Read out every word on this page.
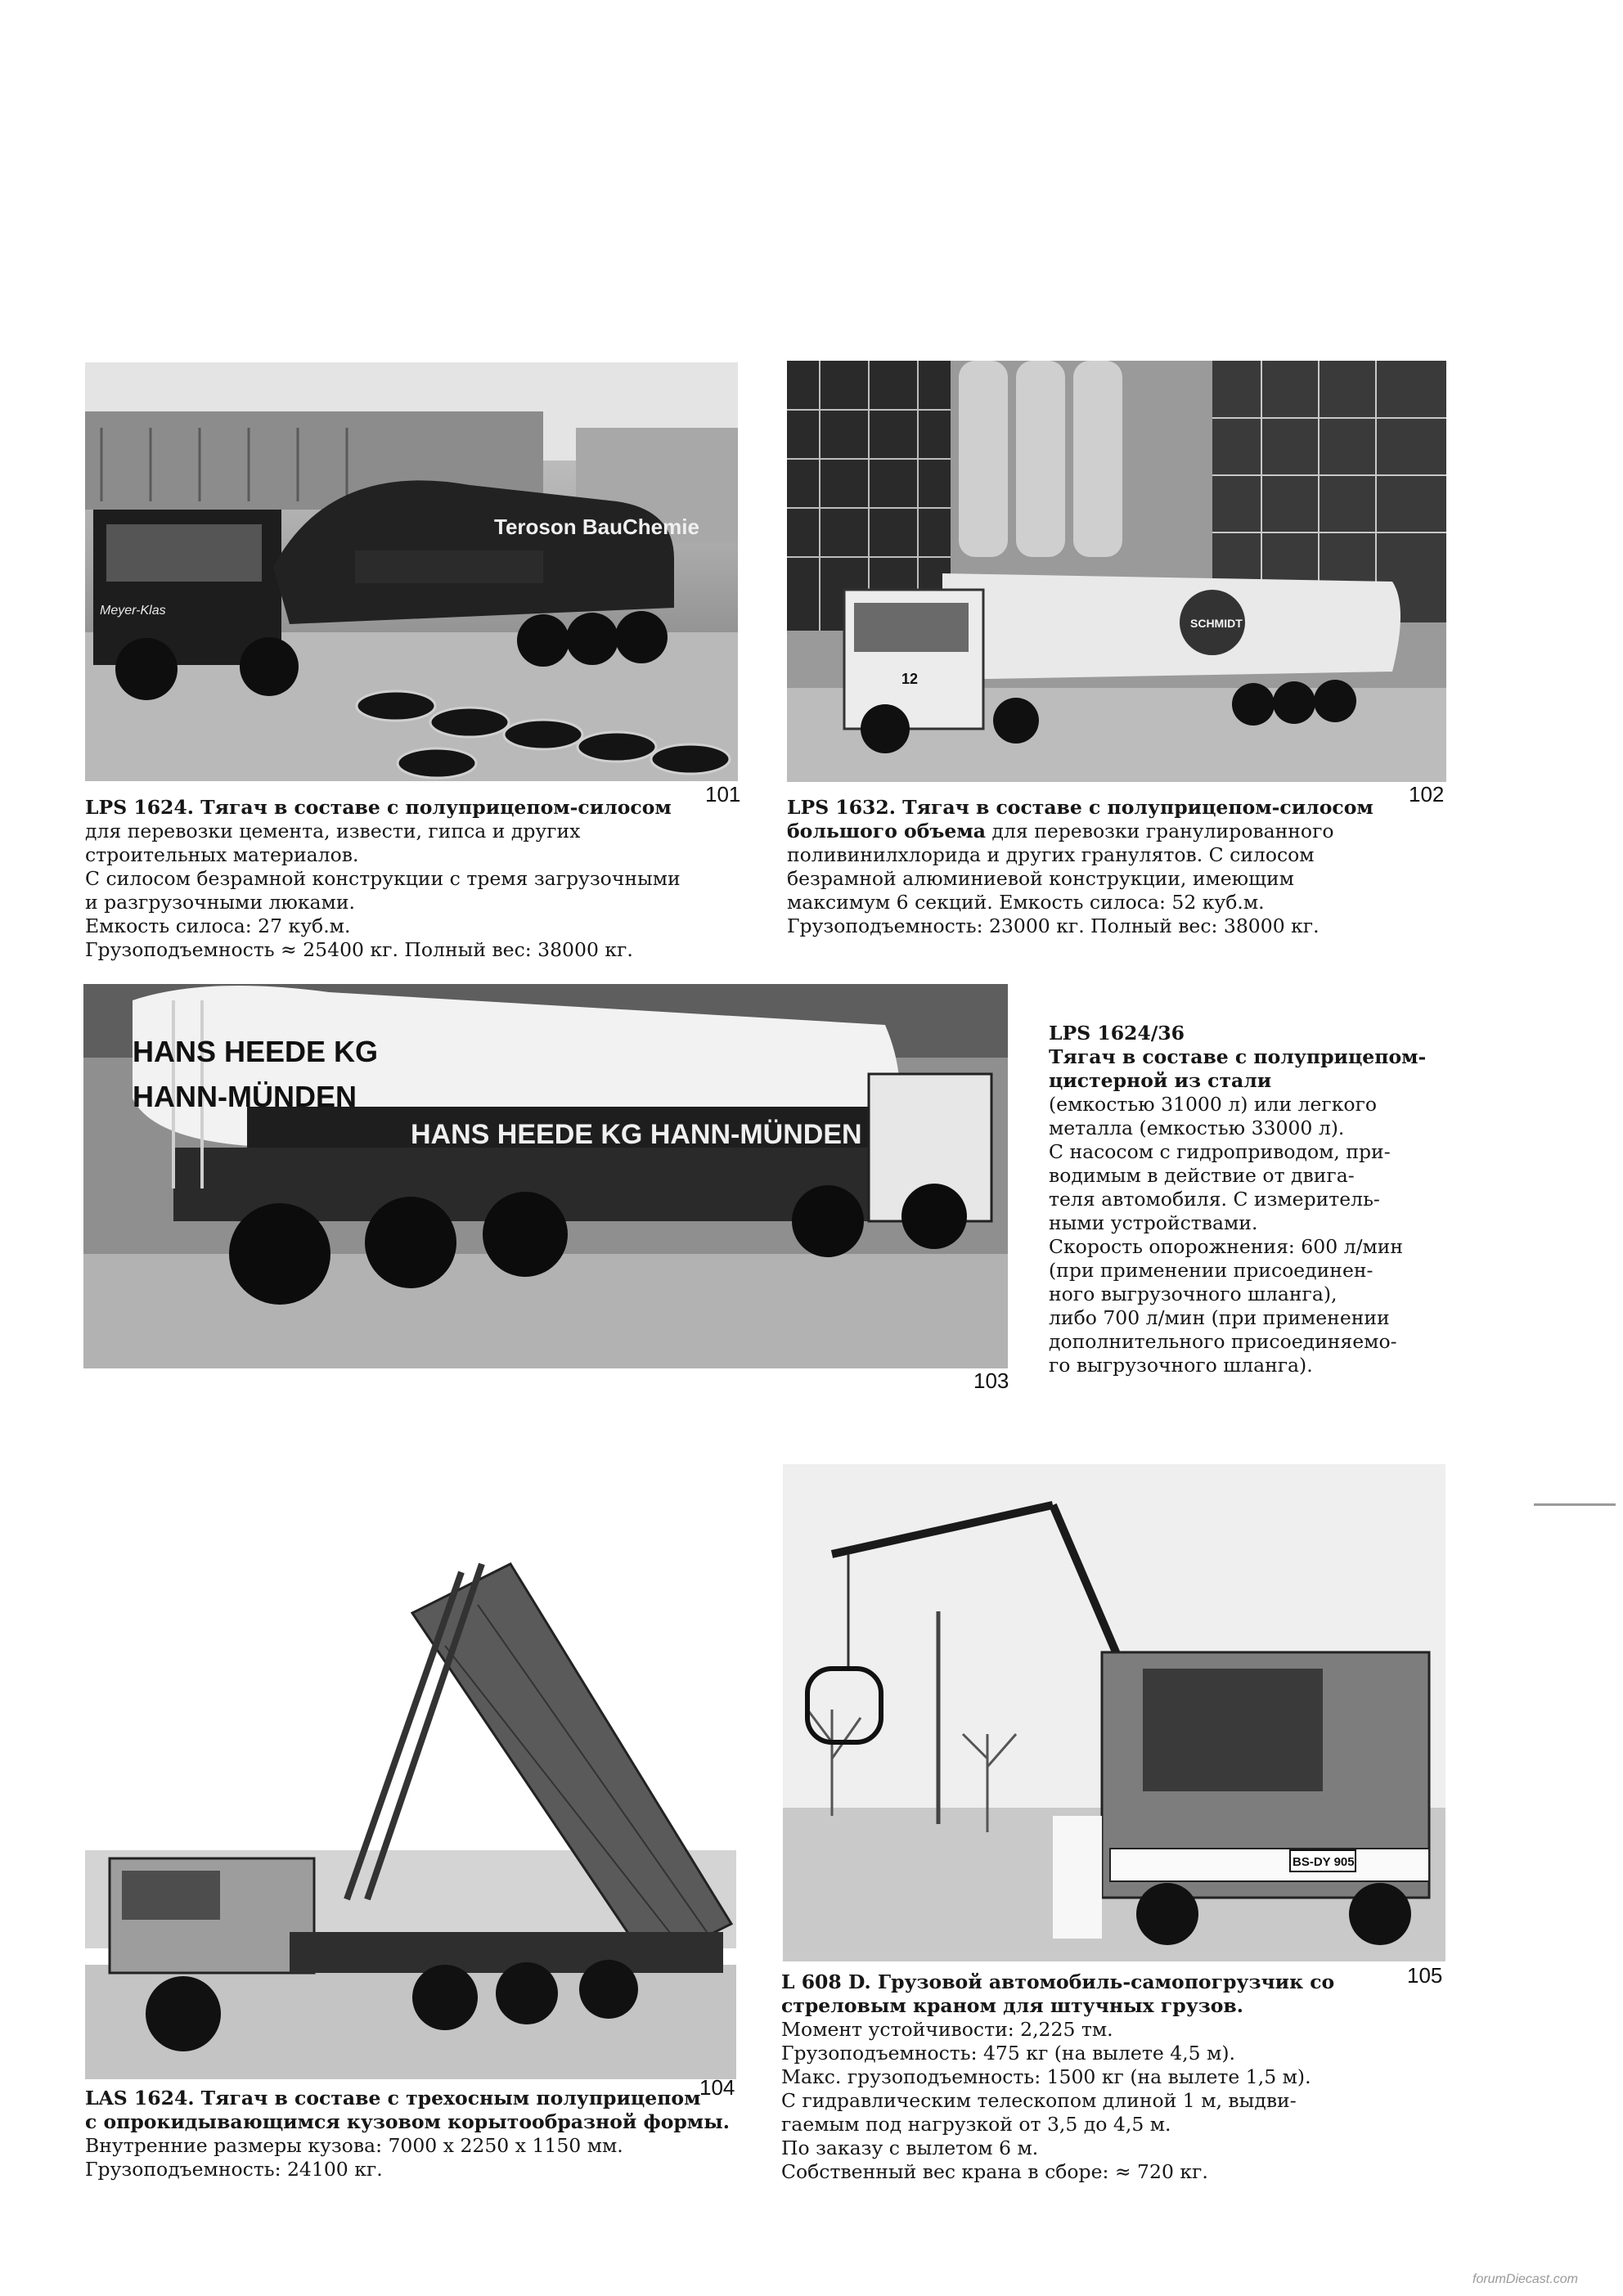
Teroson BauChemie
Meyer-Klas
101

LPS 1624. Тягач в составе с полуприцепом-силосом

для перевозки цемента, извести, гипса и других

строительных материалов.

С силосом безрамной конструкции с тремя загрузочными

и разгрузочными люками.

Емкость силоса: 27 куб.м.

Грузоподъемность ≈ 25400 кг. Полный вес: 38000 кг.

SCHMIDT
12
102

LPS 1632. Тягач в составе с полуприцепом-силосом

большого объема для перевозки гранулированного

поливинилхлорида и других гранулятов. С силосом

безрамной алюминиевой конструкции, имеющим

максимум 6 секций. Емкость силоса: 52 куб.м.

Грузоподъемность: 23000 кг. Полный вес: 38000 кг.

HANS HEEDE KG
HANN-MÜNDEN
HANS HEEDE KG HANN-MÜNDEN
103

LPS 1624/36

Тягач в составе с полуприцепом-

цистерной из стали

(емкостью 31000 л) или легкого

металла (емкостью 33000 л).

С насосом с гидроприводом, при-

водимым в действие от двига-

теля автомобиля. С измеритель-

ными устройствами.

Скорость опорожнения: 600 л/мин

(при применении присоединен-

ного выгрузочного шланга),

либо 700 л/мин (при применении

дополнительного присоединяемо-

го выгрузочного шланга).

104

LAS 1624. Тягач в составе с трехосным полуприцепом

с опрокидывающимся кузовом корытообразной формы.

Внутренние размеры кузова: 7000 x 2250 x 1150 мм.

Грузоподъемность: 24100 кг.

BS-DY 905
105

L 608 D. Грузовой автомобиль-самопогрузчик со

стреловым краном для штучных грузов.

Момент устойчивости: 2,225 тм.

Грузоподъемность: 475 кг (на вылете 4,5 м).

Макс. грузоподъемность: 1500 кг (на вылете 1,5 м).

С гидравлическим телескопом длиной 1 м, выдви-

гаемым под нагрузкой от 3,5 до 4,5 м.

По заказу с вылетом 6 м.

Собственный вес крана в сборе: ≈ 720 кг.

forumDiecast.com
